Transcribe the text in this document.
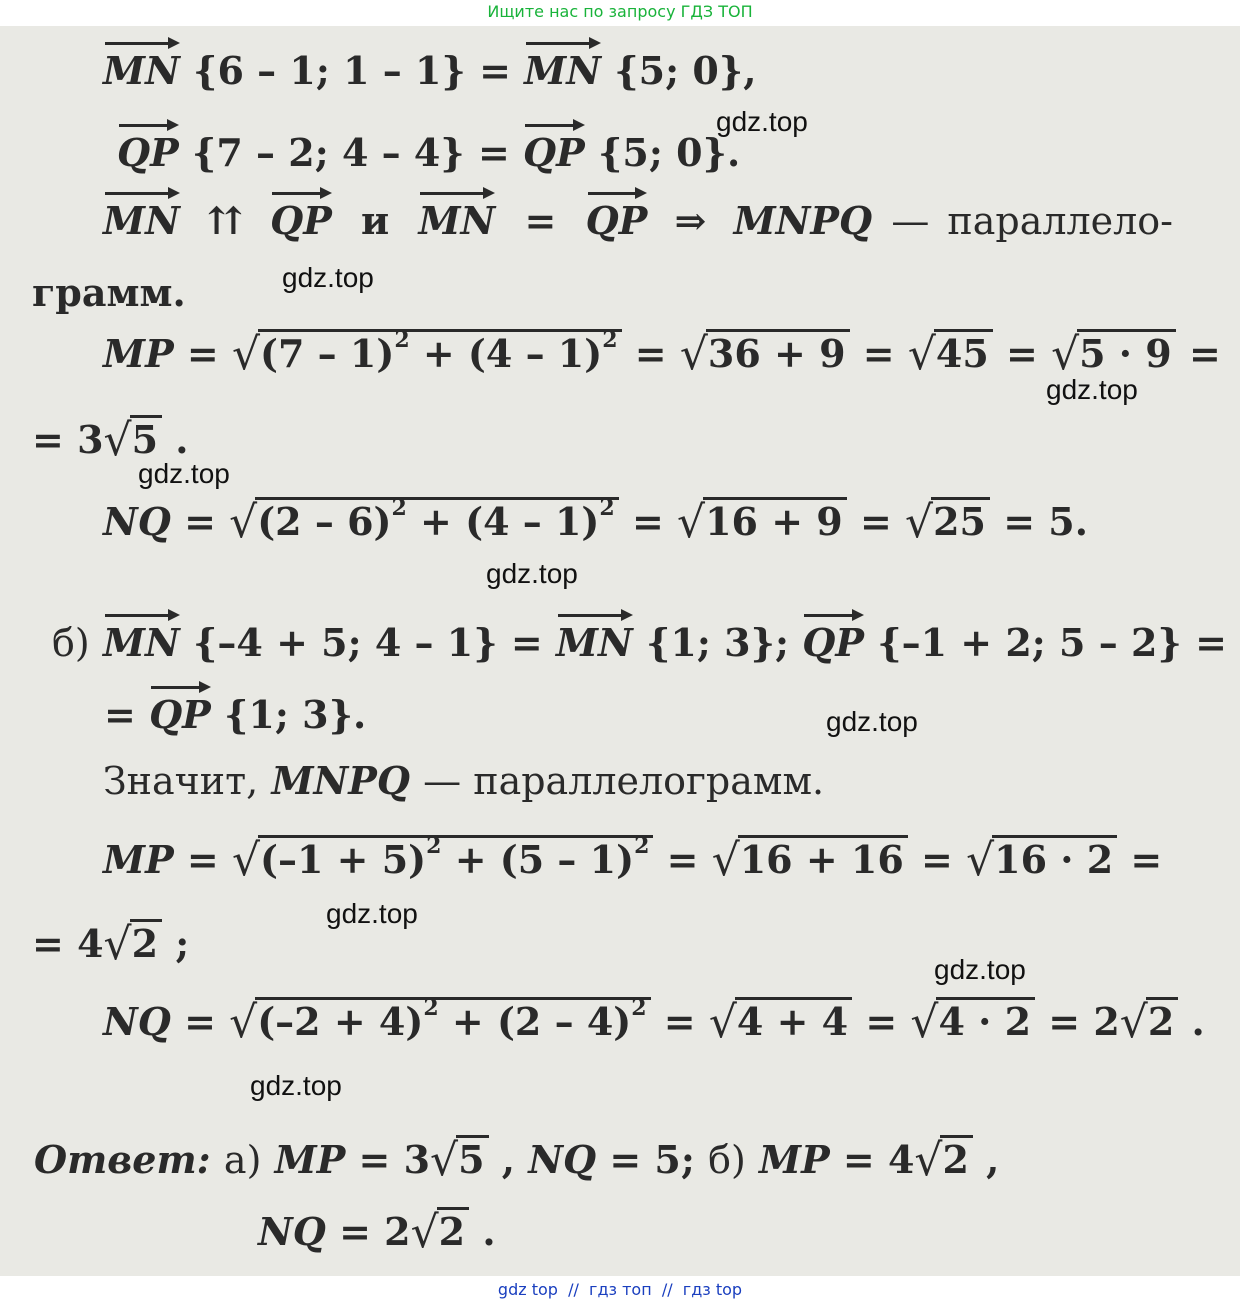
Ищите нас по запросу ГДЗ ТОП
MN {6 – 1; 1 – 1} = MN {5; 0},
QP {7 – 2; 4 – 4} = QP {5; 0}.
MN ⇈ QP и MN = QP ⇒ MNPQ — параллело-
грамм.
MP = √(7 – 1)$^2$ + (4 – 1)$^2$ = √36 + 9 = √45 = √5 · 9 =
= 3√5 .
NQ = √(2 – 6)$^2$ + (4 – 1)$^2$ = √16 + 9 = √25 = 5.
б) MN {–4 + 5; 4 – 1} = MN {1; 3}; QP {–1 + 2; 5 – 2} =
= QP {1; 3}.
Значит, MNPQ — параллелограмм.
MP = $√(-1 + 5)^2 + (5 - 1)^2 = √16 + 16 = √16 \cdot 2$ =
= 4√2 ;
NQ = $√(-2 + 4)^2 + (2 - 4)^2 = √4 + 4 = √4 \cdot 2 = 2√2$ .
Ответ: а) MP = 3√5 , NQ = 5; б) MP = 4√2 ,
NQ = 2√2 .
gdz.top
gdz.top
gdz.top
gdz.top
gdz.top
gdz.top
gdz.top
gdz.top
gdz.top
gdz top  //  гдз топ  //  гдз top
